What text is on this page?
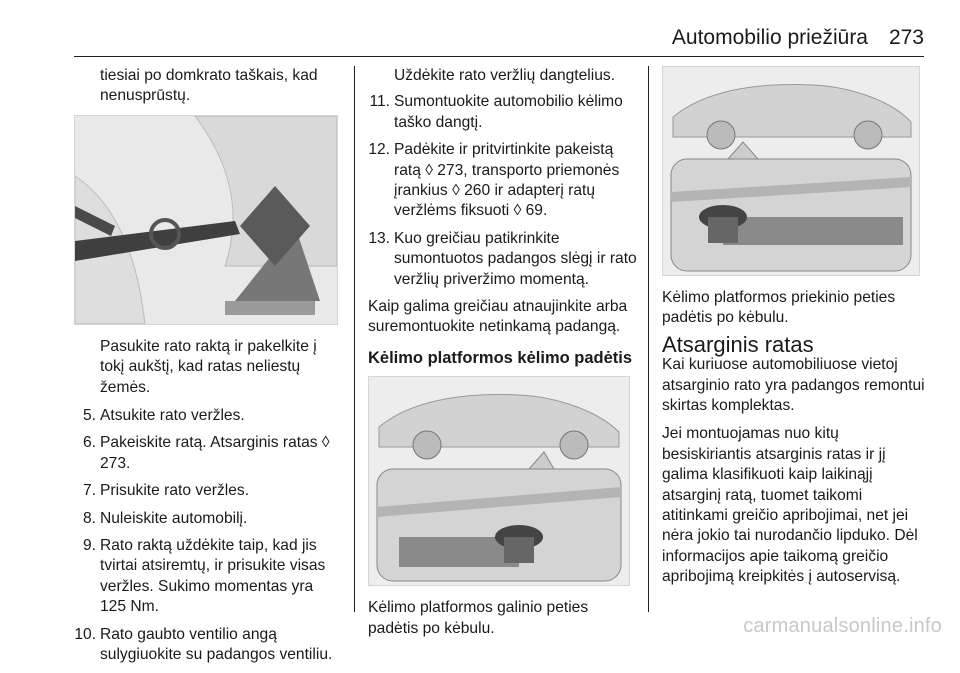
Automobilio priežiūra 273

tiesiai po domkrato taškais, kad nenusprūstų.

Pasukite rato raktą ir pakelkite į tokį aukštį, kad ratas neliestų žemės.

5. Atsukite rato veržles.
6. Pakeiskite ratą. Atsarginis ratas ◊ 273.
7. Prisukite rato veržles.
8. Nuleiskite automobilį.
9. Rato raktą uždėkite taip, kad jis tvirtai atsiremtų, ir prisukite visas veržles. Sukimo momentas yra 125 Nm.
10. Rato gaubto ventilio angą sulygiuokite su padangos ventiliu.

Uždėkite rato veržlių dangtelius.

11. Sumontuokite automobilio kėlimo taško dangtį.
12. Padėkite ir pritvirtinkite pakeistą ratą ◊ 273, transporto priemonės įrankius ◊ 260 ir adapterį ratų veržlėms fiksuoti ◊ 69.
13. Kuo greičiau patikrinkite sumontuotos padangos slėgį ir rato veržlių priveržimo momentą.

Kaip galima greičiau atnaujinkite arba suremontuokite netinkamą padangą.

Kėlimo platformos kėlimo padėtis

Kėlimo platformos galinio peties padėtis po kėbulu.

Kėlimo platformos priekinio peties padėtis po kėbulu.

Atsarginis ratas

Kai kuriuose automobiliuose vietoj atsarginio rato yra padangos remontui skirtas komplektas.

Jei montuojamas nuo kitų besiskiriantis atsarginis ratas ir jį galima klasifikuoti kaip laikinąjį atsarginį ratą, tuomet taikomi atitinkami greičio apribojimai, net jei nėra jokio tai nurodančio lipduko. Dėl informacijos apie taikomą greičio apribojimą kreipkitės į autoservisą.

carmanualsonline.info
